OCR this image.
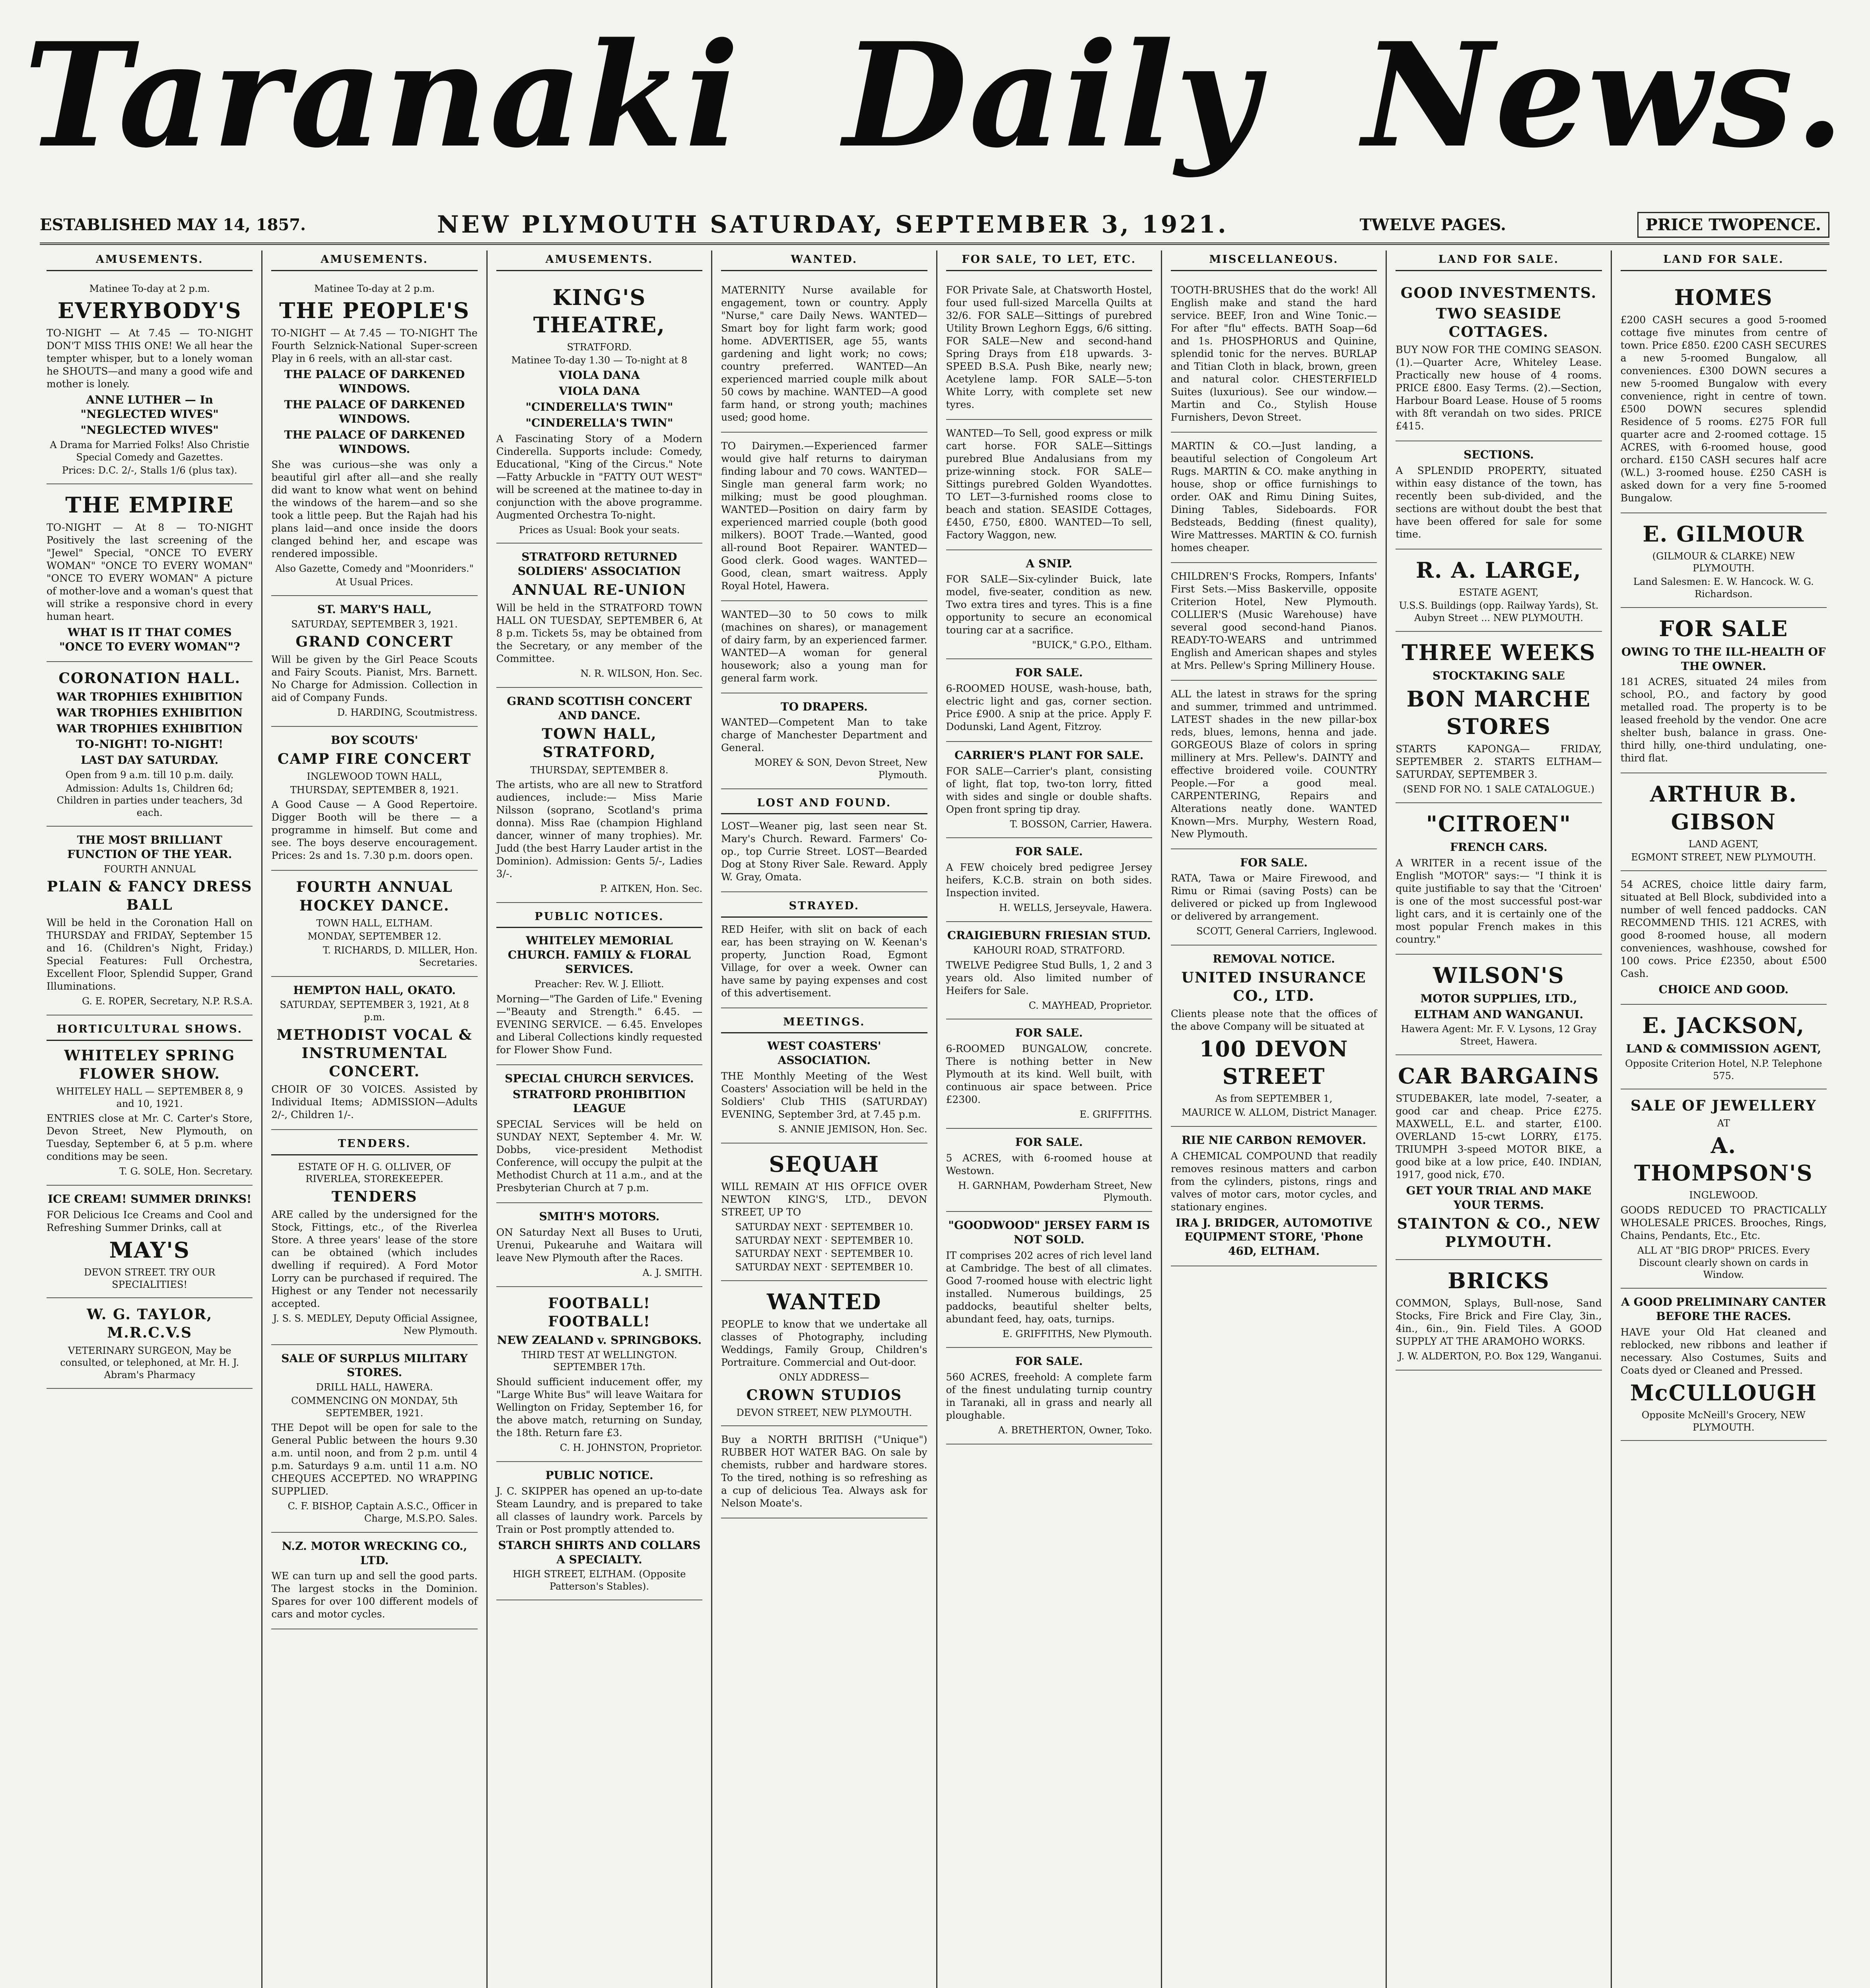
Taranaki Daily News.
ESTABLISHED MAY 14, 1857.	NEW PLYMOUTH SATURDAY, SEPTEMBER 3, 1921.	TWELVE PAGES.	PRICE TWOPENCE.
AMUSEMENTS.
Matinee To-day at 2 p.m.
EVERYBODY'S

TO-NIGHT — At 7.45 — TO-NIGHT DON'T MISS THIS ONE! We all hear the tempter whisper, but to a lonely woman he SHOUTS—and many a good wife and mother is lonely.

ANNE LUTHER — In "NEGLECTED WIVES"
"NEGLECTED WIVES"
A Drama for Married Folks! Also Christie Special Comedy and Gazettes.
Prices: D.C. 2/-, Stalls 1/6 (plus tax).
THE EMPIRE

TO-NIGHT — At 8 — TO-NIGHT Positively the last screening of the "Jewel" Special, "ONCE TO EVERY WOMAN" "ONCE TO EVERY WOMAN" "ONCE TO EVERY WOMAN" A picture of mother-love and a woman's quest that will strike a responsive chord in every human heart.

WHAT IS IT THAT COMES "ONCE TO EVERY WOMAN"?
CORONATION HALL.
WAR TROPHIES EXHIBITION
WAR TROPHIES EXHIBITION
WAR TROPHIES EXHIBITION
TO-NIGHT! TO-NIGHT!
LAST DAY SATURDAY.
Open from 9 a.m. till 10 p.m. daily.
Admission: Adults 1s, Children 6d; Children in parties under teachers, 3d each.
THE MOST BRILLIANT FUNCTION OF THE YEAR.
FOURTH ANNUAL
PLAIN & FANCY DRESS BALL

Will be held in the Coronation Hall on THURSDAY and FRIDAY, September 15 and 16. (Children's Night, Friday.) Special Features: Full Orchestra, Excellent Floor, Splendid Supper, Grand Illuminations.

G. E. ROPER, Secretary, N.P. R.S.A.
HORTICULTURAL SHOWS.
WHITELEY SPRING FLOWER SHOW.
WHITELEY HALL — SEPTEMBER 8, 9 and 10, 1921.

ENTRIES close at Mr. C. Carter's Store, Devon Street, New Plymouth, on Tuesday, September 6, at 5 p.m. where conditions may be seen.

T. G. SOLE, Hon. Secretary.
ICE CREAM! SUMMER DRINKS!

FOR Delicious Ice Creams and Cool and Refreshing Summer Drinks, call at

MAY'S
DEVON STREET. TRY OUR SPECIALITIES!
W. G. TAYLOR, M.R.C.V.S
VETERINARY SURGEON, May be consulted, or telephoned, at Mr. H. J. Abram's Pharmacy
AMUSEMENTS.
Matinee To-day at 2 p.m.
THE PEOPLE'S

TO-NIGHT — At 7.45 — TO-NIGHT The Fourth Selznick-National Super-screen Play in 6 reels, with an all-star cast.

THE PALACE OF DARKENED WINDOWS.
THE PALACE OF DARKENED WINDOWS.
THE PALACE OF DARKENED WINDOWS.

She was curious—she was only a beautiful girl after all—and she really did want to know what went on behind the windows of the harem—and so she took a little peep. But the Rajah had his plans laid—and once inside the doors clanged behind her, and escape was rendered impossible.

Also Gazette, Comedy and "Moonriders."
At Usual Prices.
ST. MARY'S HALL,
SATURDAY, SEPTEMBER 3, 1921.
GRAND CONCERT

Will be given by the Girl Peace Scouts and Fairy Scouts. Pianist, Mrs. Barnett. No Charge for Admission. Collection in aid of Company Funds.

D. HARDING, Scoutmistress.
BOY SCOUTS'
CAMP FIRE CONCERT
INGLEWOOD TOWN HALL,
THURSDAY, SEPTEMBER 8, 1921.

A Good Cause — A Good Repertoire. Digger Booth will be there — a programme in himself. But come and see. The boys deserve encouragement. Prices: 2s and 1s. 7.30 p.m. doors open.

FOURTH ANNUAL HOCKEY DANCE.
TOWN HALL, ELTHAM.
MONDAY, SEPTEMBER 12.
T. RICHARDS, D. MILLER, Hon. Secretaries.
HEMPTON HALL, OKATO.
SATURDAY, SEPTEMBER 3, 1921, At 8 p.m.
METHODIST VOCAL & INSTRUMENTAL CONCERT.

CHOIR OF 30 VOICES. Assisted by Individual Items; ADMISSION—Adults 2/-, Children 1/-.

TENDERS.
ESTATE OF H. G. OLLIVER, OF RIVERLEA, STOREKEEPER.
TENDERS

ARE called by the undersigned for the Stock, Fittings, etc., of the Riverlea Store. A three years' lease of the store can be obtained (which includes dwelling if required). A Ford Motor Lorry can be purchased if required. The Highest or any Tender not necessarily accepted.

J. S. S. MEDLEY, Deputy Official Assignee, New Plymouth.
SALE OF SURPLUS MILITARY STORES.
DRILL HALL, HAWERA.
COMMENCING ON MONDAY, 5th SEPTEMBER, 1921.

THE Depot will be open for sale to the General Public between the hours 9.30 a.m. until noon, and from 2 p.m. until 4 p.m. Saturdays 9 a.m. until 11 a.m. NO CHEQUES ACCEPTED. NO WRAPPING SUPPLIED.

C. F. BISHOP, Captain A.S.C., Officer in Charge, M.S.P.O. Sales.
N.Z. MOTOR WRECKING CO., LTD.

WE can turn up and sell the good parts. The largest stocks in the Dominion. Spares for over 100 different models of cars and motor cycles.

AMUSEMENTS.
KING'S THEATRE,
STRATFORD.
Matinee To-day 1.30 — To-night at 8
VIOLA DANA
VIOLA DANA
"CINDERELLA'S TWIN"
"CINDERELLA'S TWIN"

A Fascinating Story of a Modern Cinderella. Supports include: Comedy, Educational, "King of the Circus." Note—Fatty Arbuckle in "FATTY OUT WEST" will be screened at the matinee to-day in conjunction with the above programme. Augmented Orchestra To-night.

Prices as Usual: Book your seats.
STRATFORD RETURNED SOLDIERS' ASSOCIATION
ANNUAL RE-UNION

Will be held in the STRATFORD TOWN HALL ON TUESDAY, SEPTEMBER 6, At 8 p.m. Tickets 5s, may be obtained from the Secretary, or any member of the Committee.

N. R. WILSON, Hon. Sec.
GRAND SCOTTISH CONCERT AND DANCE.
TOWN HALL, STRATFORD,
THURSDAY, SEPTEMBER 8.

The artists, who are all new to Stratford audiences, include:— Miss Marie Nilsson (soprano, Scotland's prima donna). Miss Rae (champion Highland dancer, winner of many trophies). Mr. Judd (the best Harry Lauder artist in the Dominion). Admission: Gents 5/-, Ladies 3/-.

P. AITKEN, Hon. Sec.
PUBLIC NOTICES.
WHITELEY MEMORIAL CHURCH. FAMILY & FLORAL SERVICES.
Preacher: Rev. W. J. Elliott.

Morning—"The Garden of Life." Evening—"Beauty and Strength." 6.45. — EVENING SERVICE. — 6.45. Envelopes and Liberal Collections kindly requested for Flower Show Fund.

SPECIAL CHURCH SERVICES.
STRATFORD PROHIBITION LEAGUE

SPECIAL Services will be held on SUNDAY NEXT, September 4. Mr. W. Dobbs, vice-president Methodist Conference, will occupy the pulpit at the Methodist Church at 11 a.m., and at the Presbyterian Church at 7 p.m.

SMITH'S MOTORS.

ON Saturday Next all Buses to Uruti, Urenui, Pukearuhe and Waitara will leave New Plymouth after the Races.

A. J. SMITH.
FOOTBALL! FOOTBALL!
NEW ZEALAND v. SPRINGBOKS.
THIRD TEST AT WELLINGTON. SEPTEMBER 17th.

Should sufficient inducement offer, my "Large White Bus" will leave Waitara for Wellington on Friday, September 16, for the above match, returning on Sunday, the 18th. Return fare £3.

C. H. JOHNSTON, Proprietor.
PUBLIC NOTICE.

J. C. SKIPPER has opened an up-to-date Steam Laundry, and is prepared to take all classes of laundry work. Parcels by Train or Post promptly attended to.

STARCH SHIRTS AND COLLARS A SPECIALTY.
HIGH STREET, ELTHAM. (Opposite Patterson's Stables).
WANTED.

MATERNITY Nurse available for engagement, town or country. Apply "Nurse," care Daily News. WANTED—Smart boy for light farm work; good home. ADVERTISER, age 55, wants gardening and light work; no cows; country preferred. WANTED—An experienced married couple milk about 50 cows by machine. WANTED—A good farm hand, or strong youth; machines used; good home.

TO Dairymen.—Experienced farmer would give half returns to dairyman finding labour and 70 cows. WANTED—Single man general farm work; no milking; must be good ploughman. WANTED—Position on dairy farm by experienced married couple (both good milkers). BOOT Trade.—Wanted, good all-round Boot Repairer. WANTED—Good clerk. Good wages. WANTED—Good, clean, smart waitress. Apply Royal Hotel, Hawera.

WANTED—30 to 50 cows to milk (machines on shares), or management of dairy farm, by an experienced farmer. WANTED—A woman for general housework; also a young man for general farm work.

TO DRAPERS.

WANTED—Competent Man to take charge of Manchester Department and General.

MOREY & SON, Devon Street, New Plymouth.
LOST AND FOUND.

LOST—Weaner pig, last seen near St. Mary's Church. Reward. Farmers' Co-op., top Currie Street. LOST—Bearded Dog at Stony River Sale. Reward. Apply W. Gray, Omata.

STRAYED.

RED Heifer, with slit on back of each ear, has been straying on W. Keenan's property, Junction Road, Egmont Village, for over a week. Owner can have same by paying expenses and cost of this advertisement.

MEETINGS.
WEST COASTERS' ASSOCIATION.

THE Monthly Meeting of the West Coasters' Association will be held in the Soldiers' Club THIS (SATURDAY) EVENING, September 3rd, at 7.45 p.m.

S. ANNIE JEMISON, Hon. Sec.
SEQUAH

WILL REMAIN AT HIS OFFICE OVER NEWTON KING'S, LTD., DEVON STREET, UP TO

SATURDAY NEXT · SEPTEMBER 10.
SATURDAY NEXT · SEPTEMBER 10.
SATURDAY NEXT · SEPTEMBER 10.
SATURDAY NEXT · SEPTEMBER 10.
WANTED

PEOPLE to know that we undertake all classes of Photography, including Weddings, Family Group, Children's Portraiture. Commercial and Out-door.

ONLY ADDRESS—
CROWN STUDIOS
DEVON STREET, NEW PLYMOUTH.

Buy a NORTH BRITISH ("Unique") RUBBER HOT WATER BAG. On sale by chemists, rubber and hardware stores. To the tired, nothing is so refreshing as a cup of delicious Tea. Always ask for Nelson Moate's.

FOR SALE, TO LET, ETC.

FOR Private Sale, at Chatsworth Hostel, four used full-sized Marcella Quilts at 32/6. FOR SALE—Sittings of purebred Utility Brown Leghorn Eggs, 6/6 sitting. FOR SALE—New and second-hand Spring Drays from £18 upwards. 3-SPEED B.S.A. Push Bike, nearly new; Acetylene lamp. FOR SALE—5-ton White Lorry, with complete set new tyres.

WANTED—To Sell, good express or milk cart horse. FOR SALE—Sittings purebred Blue Andalusians from my prize-winning stock. FOR SALE—Sittings purebred Golden Wyandottes. TO LET—3-furnished rooms close to beach and station. SEASIDE Cottages, £450, £750, £800. WANTED—To sell, Factory Waggon, new.

A SNIP.

FOR SALE—Six-cylinder Buick, late model, five-seater, condition as new. Two extra tires and tyres. This is a fine opportunity to secure an economical touring car at a sacrifice.

"BUICK," G.P.O., Eltham.
FOR SALE.

6-ROOMED HOUSE, wash-house, bath, electric light and gas, corner section. Price £900. A snip at the price. Apply F. Dodunski, Land Agent, Fitzroy.

CARRIER'S PLANT FOR SALE.

FOR SALE—Carrier's plant, consisting of light, flat top, two-ton lorry, fitted with sides and single or double shafts. Open front spring tip dray.

T. BOSSON, Carrier, Hawera.
FOR SALE.

A FEW choicely bred pedigree Jersey heifers, K.C.B. strain on both sides. Inspection invited.

H. WELLS, Jerseyvale, Hawera.
CRAIGIEBURN FRIESIAN STUD.
KAHOURI ROAD, STRATFORD.

TWELVE Pedigree Stud Bulls, 1, 2 and 3 years old. Also limited number of Heifers for Sale.

C. MAYHEAD, Proprietor.
FOR SALE.

6-ROOMED BUNGALOW, concrete. There is nothing better in New Plymouth at its kind. Well built, with continuous air space between. Price £2300.

E. GRIFFITHS.
FOR SALE.

5 ACRES, with 6-roomed house at Westown.

H. GARNHAM, Powderham Street, New Plymouth.
"GOODWOOD" JERSEY FARM IS NOT SOLD.

IT comprises 202 acres of rich level land at Cambridge. The best of all climates. Good 7-roomed house with electric light installed. Numerous buildings, 25 paddocks, beautiful shelter belts, abundant feed, hay, oats, turnips.

E. GRIFFITHS, New Plymouth.
FOR SALE.

560 ACRES, freehold: A complete farm of the finest undulating turnip country in Taranaki, all in grass and nearly all ploughable.

A. BRETHERTON, Owner, Toko.
MISCELLANEOUS.

TOOTH-BRUSHES that do the work! All English make and stand the hard service. BEEF, Iron and Wine Tonic.—For after "flu" effects. BATH Soap—6d and 1s. PHOSPHORUS and Quinine, splendid tonic for the nerves. BURLAP and Titian Cloth in black, brown, green and natural color. CHESTERFIELD Suites (luxurious). See our window.—Martin and Co., Stylish House Furnishers, Devon Street.

MARTIN & CO.—Just landing, a beautiful selection of Congoleum Art Rugs. MARTIN & CO. make anything in house, shop or office furnishings to order. OAK and Rimu Dining Suites, Dining Tables, Sideboards. FOR Bedsteads, Bedding (finest quality), Wire Mattresses. MARTIN & CO. furnish homes cheaper.

CHILDREN'S Frocks, Rompers, Infants' First Sets.—Miss Baskerville, opposite Criterion Hotel, New Plymouth. COLLIER'S (Music Warehouse) have several good second-hand Pianos. READY-TO-WEARS and untrimmed English and American shapes and styles at Mrs. Pellew's Spring Millinery House.

ALL the latest in straws for the spring and summer, trimmed and untrimmed. LATEST shades in the new pillar-box reds, blues, lemons, henna and jade. GORGEOUS Blaze of colors in spring millinery at Mrs. Pellew's. DAINTY and effective broidered voile. COUNTRY People.—For a good meal. CARPENTERING, Repairs and Alterations neatly done. WANTED Known—Mrs. Murphy, Western Road, New Plymouth.

FOR SALE.

RATA, Tawa or Maire Firewood, and Rimu or Rimai (saving Posts) can be delivered or picked up from Inglewood or delivered by arrangement.

SCOTT, General Carriers, Inglewood.
REMOVAL NOTICE.
UNITED INSURANCE CO., LTD.

Clients please note that the offices of the above Company will be situated at

100 DEVON STREET
As from SEPTEMBER 1,
MAURICE W. ALLOM, District Manager.
RIE NIE CARBON REMOVER.

A CHEMICAL COMPOUND that readily removes resinous matters and carbon from the cylinders, pistons, rings and valves of motor cars, motor cycles, and stationary engines.

IRA J. BRIDGER, AUTOMOTIVE EQUIPMENT STORE, 'Phone 46D, ELTHAM.
LAND FOR SALE.
GOOD INVESTMENTS.
TWO SEASIDE COTTAGES.

BUY NOW FOR THE COMING SEASON. (1).—Quarter Acre, Whiteley Lease. Practically new house of 4 rooms. PRICE £800. Easy Terms. (2).—Section, Harbour Board Lease. House of 5 rooms with 8ft verandah on two sides. PRICE £415.

SECTIONS.

A SPLENDID PROPERTY, situated within easy distance of the town, has recently been sub-divided, and the sections are without doubt the best that have been offered for sale for some time.

R. A. LARGE,
ESTATE AGENT,
U.S.S. Buildings (opp. Railway Yards), St. Aubyn Street ... NEW PLYMOUTH.
THREE WEEKS
STOCKTAKING SALE
BON MARCHE STORES

STARTS KAPONGA— FRIDAY, SEPTEMBER 2. STARTS ELTHAM— SATURDAY, SEPTEMBER 3.

(SEND FOR NO. 1 SALE CATALOGUE.)
"CITROEN"
FRENCH CARS.

A WRITER in a recent issue of the English "MOTOR" says:— "I think it is quite justifiable to say that the 'Citroen' is one of the most successful post-war light cars, and it is certainly one of the most popular French makes in this country."

WILSON'S
MOTOR SUPPLIES, LTD.,
ELTHAM AND WANGANUI.
Hawera Agent: Mr. F. V. Lysons, 12 Gray Street, Hawera.
CAR BARGAINS

STUDEBAKER, late model, 7-seater, a good car and cheap. Price £275. MAXWELL, E.L. and starter, £100. OVERLAND 15-cwt LORRY, £175. TRIUMPH 3-speed MOTOR BIKE, a good bike at a low price, £40. INDIAN, 1917, good nick, £70.

GET YOUR TRIAL AND MAKE YOUR TERMS.
STAINTON & CO., NEW PLYMOUTH.
BRICKS

COMMON, Splays, Bull-nose, Sand Stocks, Fire Brick and Fire Clay, 3in., 4in., 6in., 9in. Field Tiles. A GOOD SUPPLY AT THE ARAMOHO WORKS.

J. W. ALDERTON, P.O. Box 129, Wanganui.
LAND FOR SALE.
HOMES

£200 CASH secures a good 5-roomed cottage five minutes from centre of town. Price £850. £200 CASH SECURES a new 5-roomed Bungalow, all conveniences. £300 DOWN secures a new 5-roomed Bungalow with every convenience, right in centre of town. £500 DOWN secures splendid Residence of 5 rooms. £275 FOR full quarter acre and 2-roomed cottage. 15 ACRES, with 6-roomed house, good orchard. £150 CASH secures half acre (W.L.) 3-roomed house. £250 CASH is asked down for a very fine 5-roomed Bungalow.

E. GILMOUR
(GILMOUR & CLARKE) NEW PLYMOUTH.
Land Salesmen: E. W. Hancock. W. G. Richardson.
FOR SALE
OWING TO THE ILL-HEALTH OF THE OWNER.

181 ACRES, situated 24 miles from school, P.O., and factory by good metalled road. The property is to be leased freehold by the vendor. One acre shelter bush, balance in grass. One-third hilly, one-third undulating, one-third flat.

ARTHUR B. GIBSON
LAND AGENT,
EGMONT STREET, NEW PLYMOUTH.

54 ACRES, choice little dairy farm, situated at Bell Block, subdivided into a number of well fenced paddocks. CAN RECOMMEND THIS. 121 ACRES, with good 8-roomed house, all modern conveniences, washhouse, cowshed for 100 cows. Price £2350, about £500 Cash.

CHOICE AND GOOD.
E. JACKSON,
LAND & COMMISSION AGENT,
Opposite Criterion Hotel, N.P. Telephone 575.
SALE OF JEWELLERY
AT
A. THOMPSON'S
INGLEWOOD.

GOODS REDUCED TO PRACTICALLY WHOLESALE PRICES. Brooches, Rings, Chains, Pendants, Etc., Etc.

ALL AT "BIG DROP" PRICES. Every Discount clearly shown on cards in Window.
A GOOD PRELIMINARY CANTER BEFORE THE RACES.

HAVE your Old Hat cleaned and reblocked, new ribbons and leather if necessary. Also Costumes, Suits and Coats dyed or Cleaned and Pressed.

McCULLOUGH
Opposite McNeill's Grocery, NEW PLYMOUTH.
